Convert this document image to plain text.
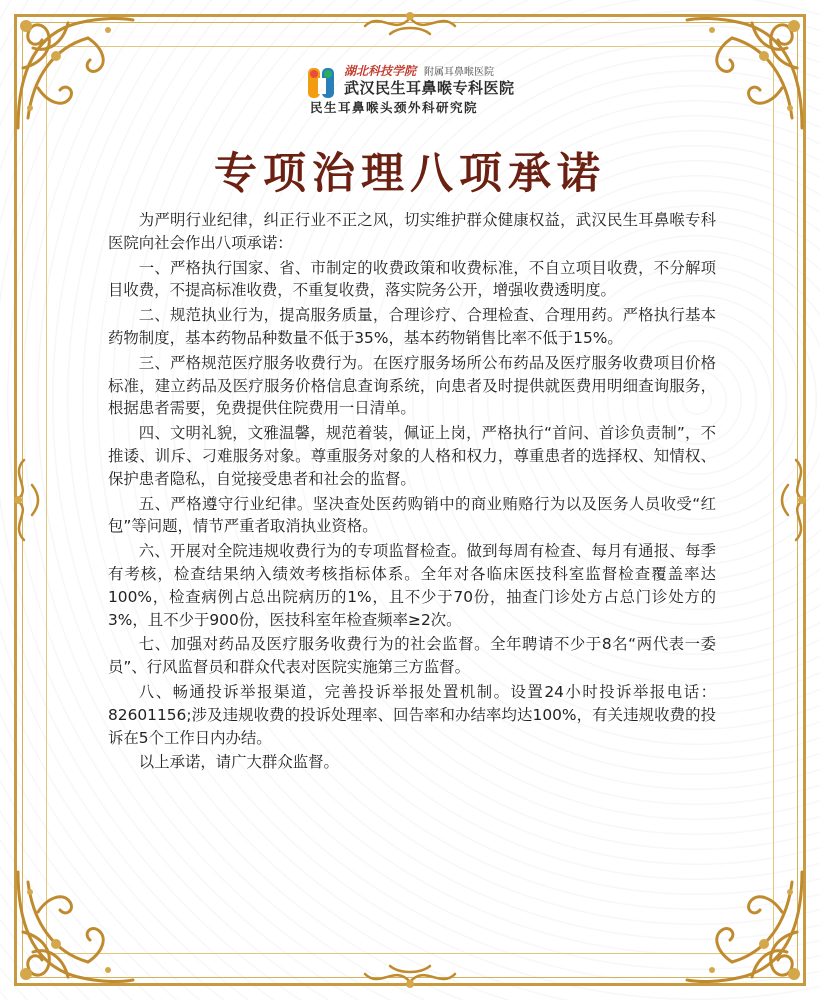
湖北科技学院 附属耳鼻喉医院
武汉民生耳鼻喉专科医院
民生耳鼻喉头颈外科研究院
专项治理八项承诺

为严明行业纪律，纠正行业不正之风，切实维护群众健康权益，武汉民生耳鼻喉专科医院向社会作出八项承诺：

一、严格执行国家、省、市制定的收费政策和收费标准，不自立项目收费，不分解项目收费，不提高标准收费，不重复收费，落实院务公开，增强收费透明度。

二、规范执业行为，提高服务质量，合理诊疗、合理检查、合理用药。严格执行基本药物制度，基本药物品种数量不低于35%，基本药物销售比率不低于15%。

三、严格规范医疗服务收费行为。在医疗服务场所公布药品及医疗服务收费项目价格标准，建立药品及医疗服务价格信息查询系统，向患者及时提供就医费用明细查询服务，根据患者需要，免费提供住院费用一日清单。

四、文明礼貌，文雅温馨，规范着装，佩证上岗，严格执行“首问、首诊负责制”，不推诿、训斥、刁难服务对象。尊重服务对象的人格和权力，尊重患者的选择权、知情权、保护患者隐私，自觉接受患者和社会的监督。

五、严格遵守行业纪律。坚决查处医药购销中的商业贿赂行为以及医务人员收受“红包”等问题，情节严重者取消执业资格。

六、开展对全院违规收费行为的专项监督检查。做到每周有检查、每月有通报、每季有考核，检查结果纳入绩效考核指标体系。全年对各临床医技科室监督检查覆盖率达100%，检查病例占总出院病历的1%，且不少于70份，抽查门诊处方占总门诊处方的3%，且不少于900份，医技科室年检查频率≥2次。

七、加强对药品及医疗服务收费行为的社会监督。全年聘请不少于8名“两代表一委员”、行风监督员和群众代表对医院实施第三方监督。

八、畅通投诉举报渠道，完善投诉举报处置机制。设置24小时投诉举报电话：82601156;涉及违规收费的投诉处理率、回告率和办结率均达100%，有关违规收费的投诉在5个工作日内办结。

以上承诺，请广大群众监督。
